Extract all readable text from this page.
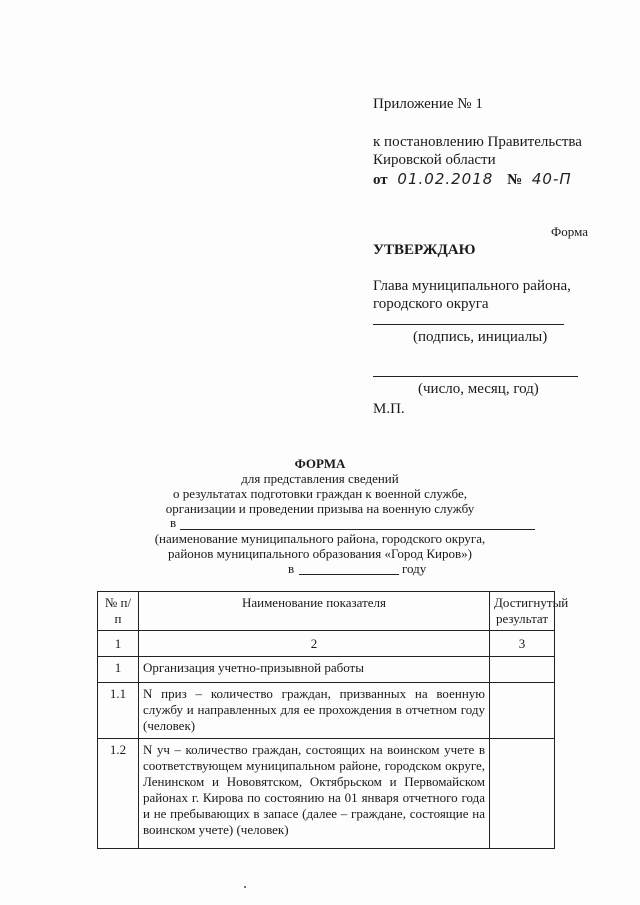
Приложение № 1
к постановлению Правительства
Кировской области
от 01.02.2018 № 40-П
Форма
УТВЕРЖДАЮ
Глава муниципального района,
городского округа
(подпись, инициалы)
(число, месяц, год)
М.П.
ФОРМА
для представления сведений
о результатах подготовки граждан к военной службе,
организации и проведении призыва на военную службу
в
(наименование муниципального района, городского округа,
районов муниципального образования «Город Киров»)
в	году
№ п/п	Наименование показателя	Достигнутый результат
1	2	3
1	Организация учетно-призывной работы	
1.1	N приз – количество граждан, призванных на военную службу и направленных для ее прохождения в отчетном году (человек)	
1.2	N уч – количество граждан, состоящих на воинском учете в соответствующем муниципальном районе, городском округе, Ленинском и Нововятском, Октябрьском и Первомайском районах г. Кирова по состоянию на 01 января отчетного года и не пребывающих в запасе (далее – граждане, состоящие на воинском учете) (человек)	
